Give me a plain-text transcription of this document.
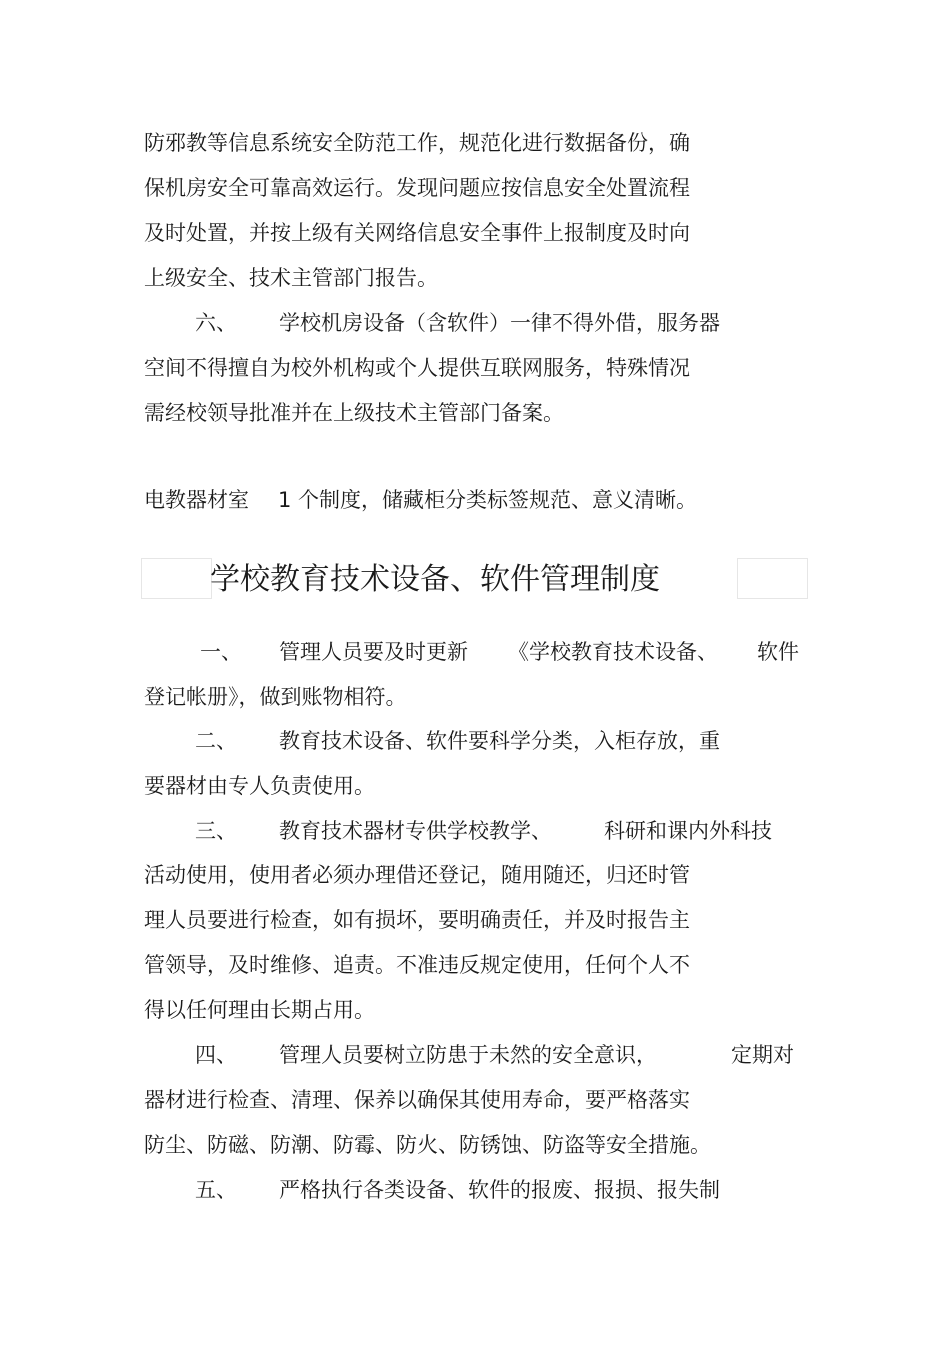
防邪教等信息系统安全防范工作，规范化进行数据备份，确
保机房安全可靠高效运行。发现问题应按信息安全处置流程
及时处置，并按上级有关网络信息安全事件上报制度及时向
上级安全、技术主管部门报告。
六、 学校机房设备（含软件）一律不得外借，服务器
空间不得擅自为校外机构或个人提供互联网服务，特殊情况
需经校领导批准并在上级技术主管部门备案。
电教器材室 1 个制度，储藏柜分类标签规范、意义清晰。
学校教育技术设备、软件管理制度
一、 管理人员要及时更新 《学校教育技术设备、 软件
登记帐册》，做到账物相符。
二、 教育技术设备、软件要科学分类，入柜存放，重
要器材由专人负责使用。
三、 教育技术器材专供学校教学、 科研和课内外科技
活动使用，使用者必须办理借还登记，随用随还，归还时管
理人员要进行检查，如有损坏，要明确责任，并及时报告主
管领导，及时维修、追责。不准违反规定使用，任何个人不
得以任何理由长期占用。
四、 管理人员要树立防患于未然的安全意识，	定期对
器材进行检查、清理、保养以确保其使用寿命，要严格落实
防尘、防磁、防潮、防霉、防火、防锈蚀、防盗等安全措施。
五、 严格执行各类设备、软件的报废、报损、报失制
